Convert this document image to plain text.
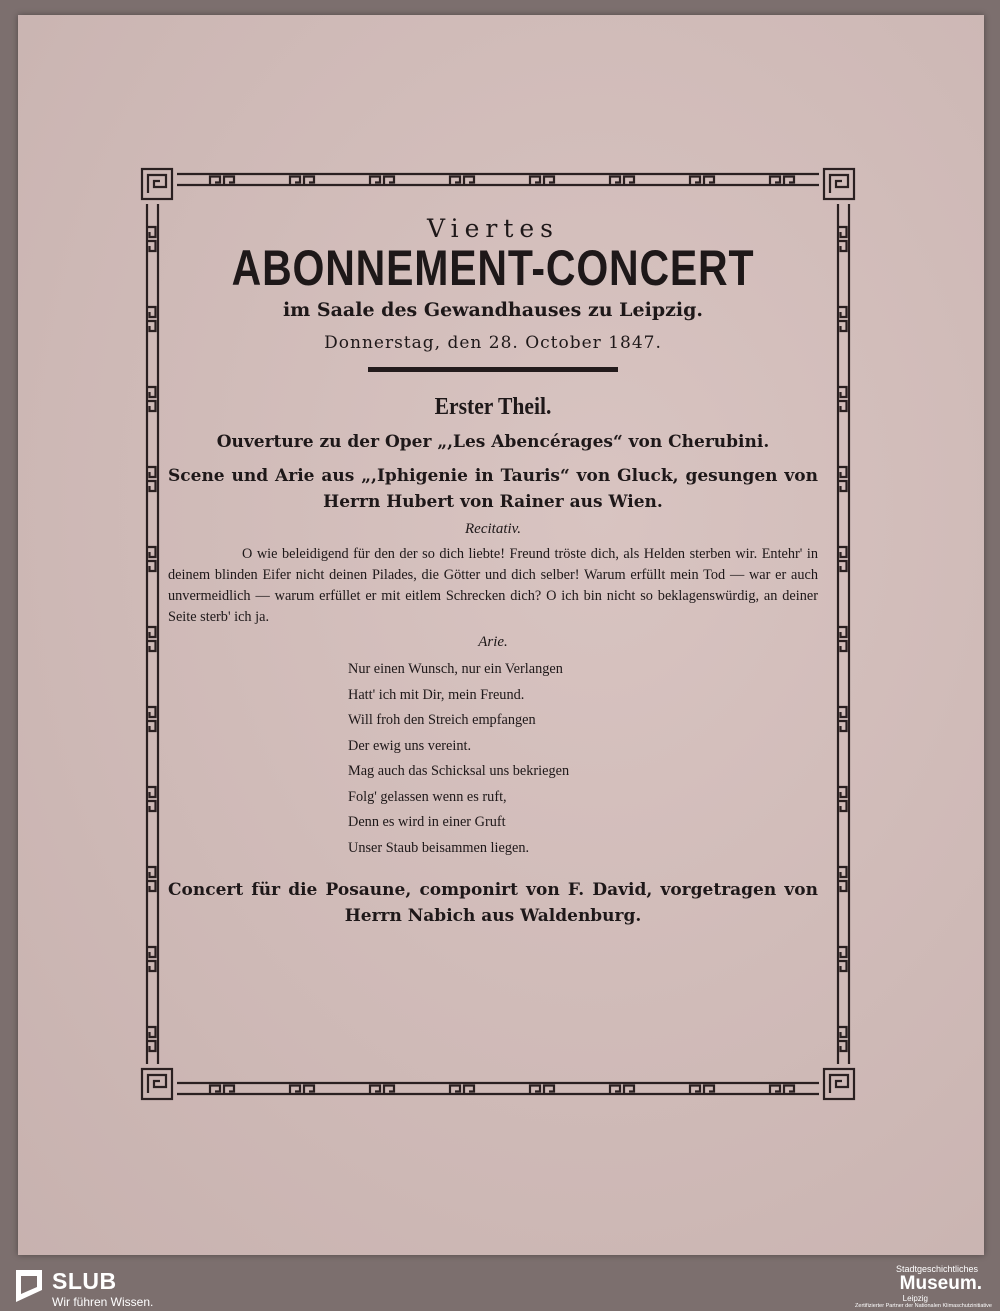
Viertes
ABONNEMENT-CONCERT
im Saale des Gewandhauses zu Leipzig.
Donnerstag, den 28. October 1847.
Erster Theil.
Ouverture zu der Oper „,Les Abencérages“ von Cherubini.
Scene und Arie aus „,Iphigenie in Tauris“ von Gluck, gesungen von Herrn Hubert von Rainer aus Wien.
Recitativ.
O wie beleidigend für den der so dich liebte! Freund tröste dich, als Helden sterben wir. Entehr' in deinem blinden Eifer nicht deinen Pilades, die Götter und dich selber! Warum erfüllt mein Tod — war er auch unvermeidlich — warum erfüllet er mit eitlem Schrecken dich? O ich bin nicht so beklagenswürdig, an deiner Seite sterb' ich ja.
Arie.
Nur einen Wunsch, nur ein Verlangen
Hatt' ich mit Dir, mein Freund.
Will froh den Streich empfangen
Der ewig uns vereint.
Mag auch das Schicksal uns bekriegen
Folg' gelassen wenn es ruft,
Denn es wird in einer Gruft
Unser Staub beisammen liegen.
Concert für die Posaune, componirt von F. David, vorgetragen von Herrn Nabich aus Waldenburg.
SLUB
Wir führen Wissen.
Stadtgeschichtliches
Museum.
Leipzig
Zertifizierter Partner der Nationalen Klimaschutzinitiative
